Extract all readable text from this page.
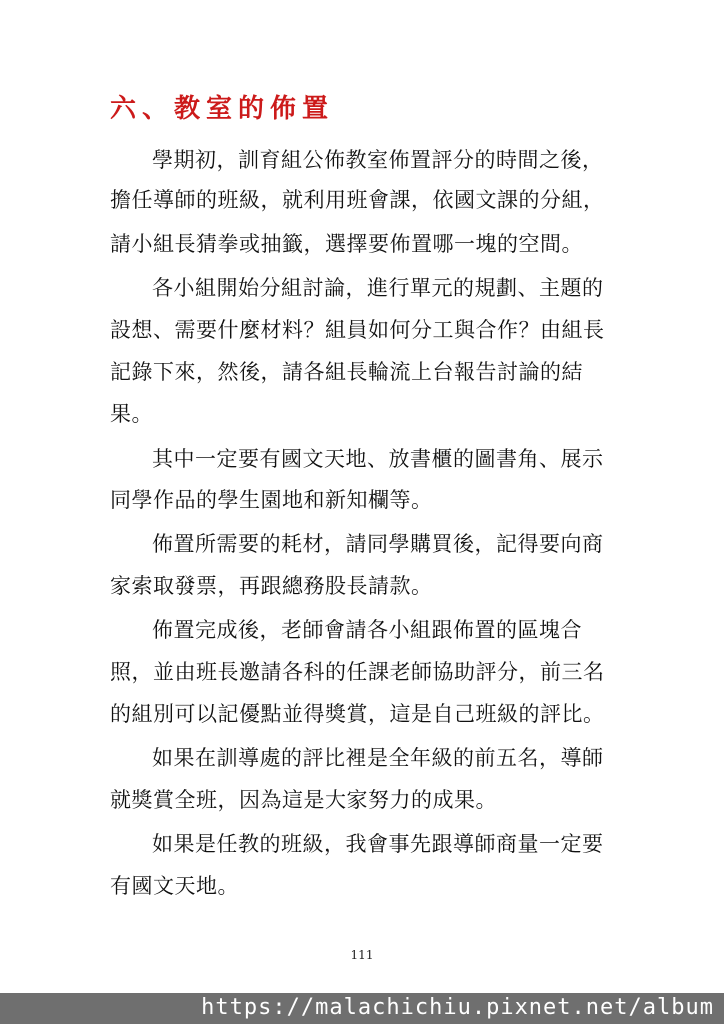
六、教室的佈置
學期初，訓育組公佈教室佈置評分的時間之後，
擔任導師的班級，就利用班會課，依國文課的分組，
請小組長猜拳或抽籤，選擇要佈置哪一塊的空間。
各小組開始分組討論，進行單元的規劃、主題的
設想、需要什麼材料？組員如何分工與合作？由組長
記錄下來，然後，請各組長輪流上台報告討論的結
果。
其中一定要有國文天地、放書櫃的圖書角、展示
同學作品的學生園地和新知欄等。
佈置所需要的耗材，請同學購買後，記得要向商
家索取發票，再跟總務股長請款。
佈置完成後，老師會請各小組跟佈置的區塊合
照，並由班長邀請各科的任課老師協助評分，前三名
的組別可以記優點並得獎賞，這是自己班級的評比。
如果在訓導處的評比裡是全年級的前五名，導師
就獎賞全班，因為這是大家努力的成果。
如果是任教的班級，我會事先跟導師商量一定要
有國文天地。
111
https://malachichiu.pixnet.net/album
